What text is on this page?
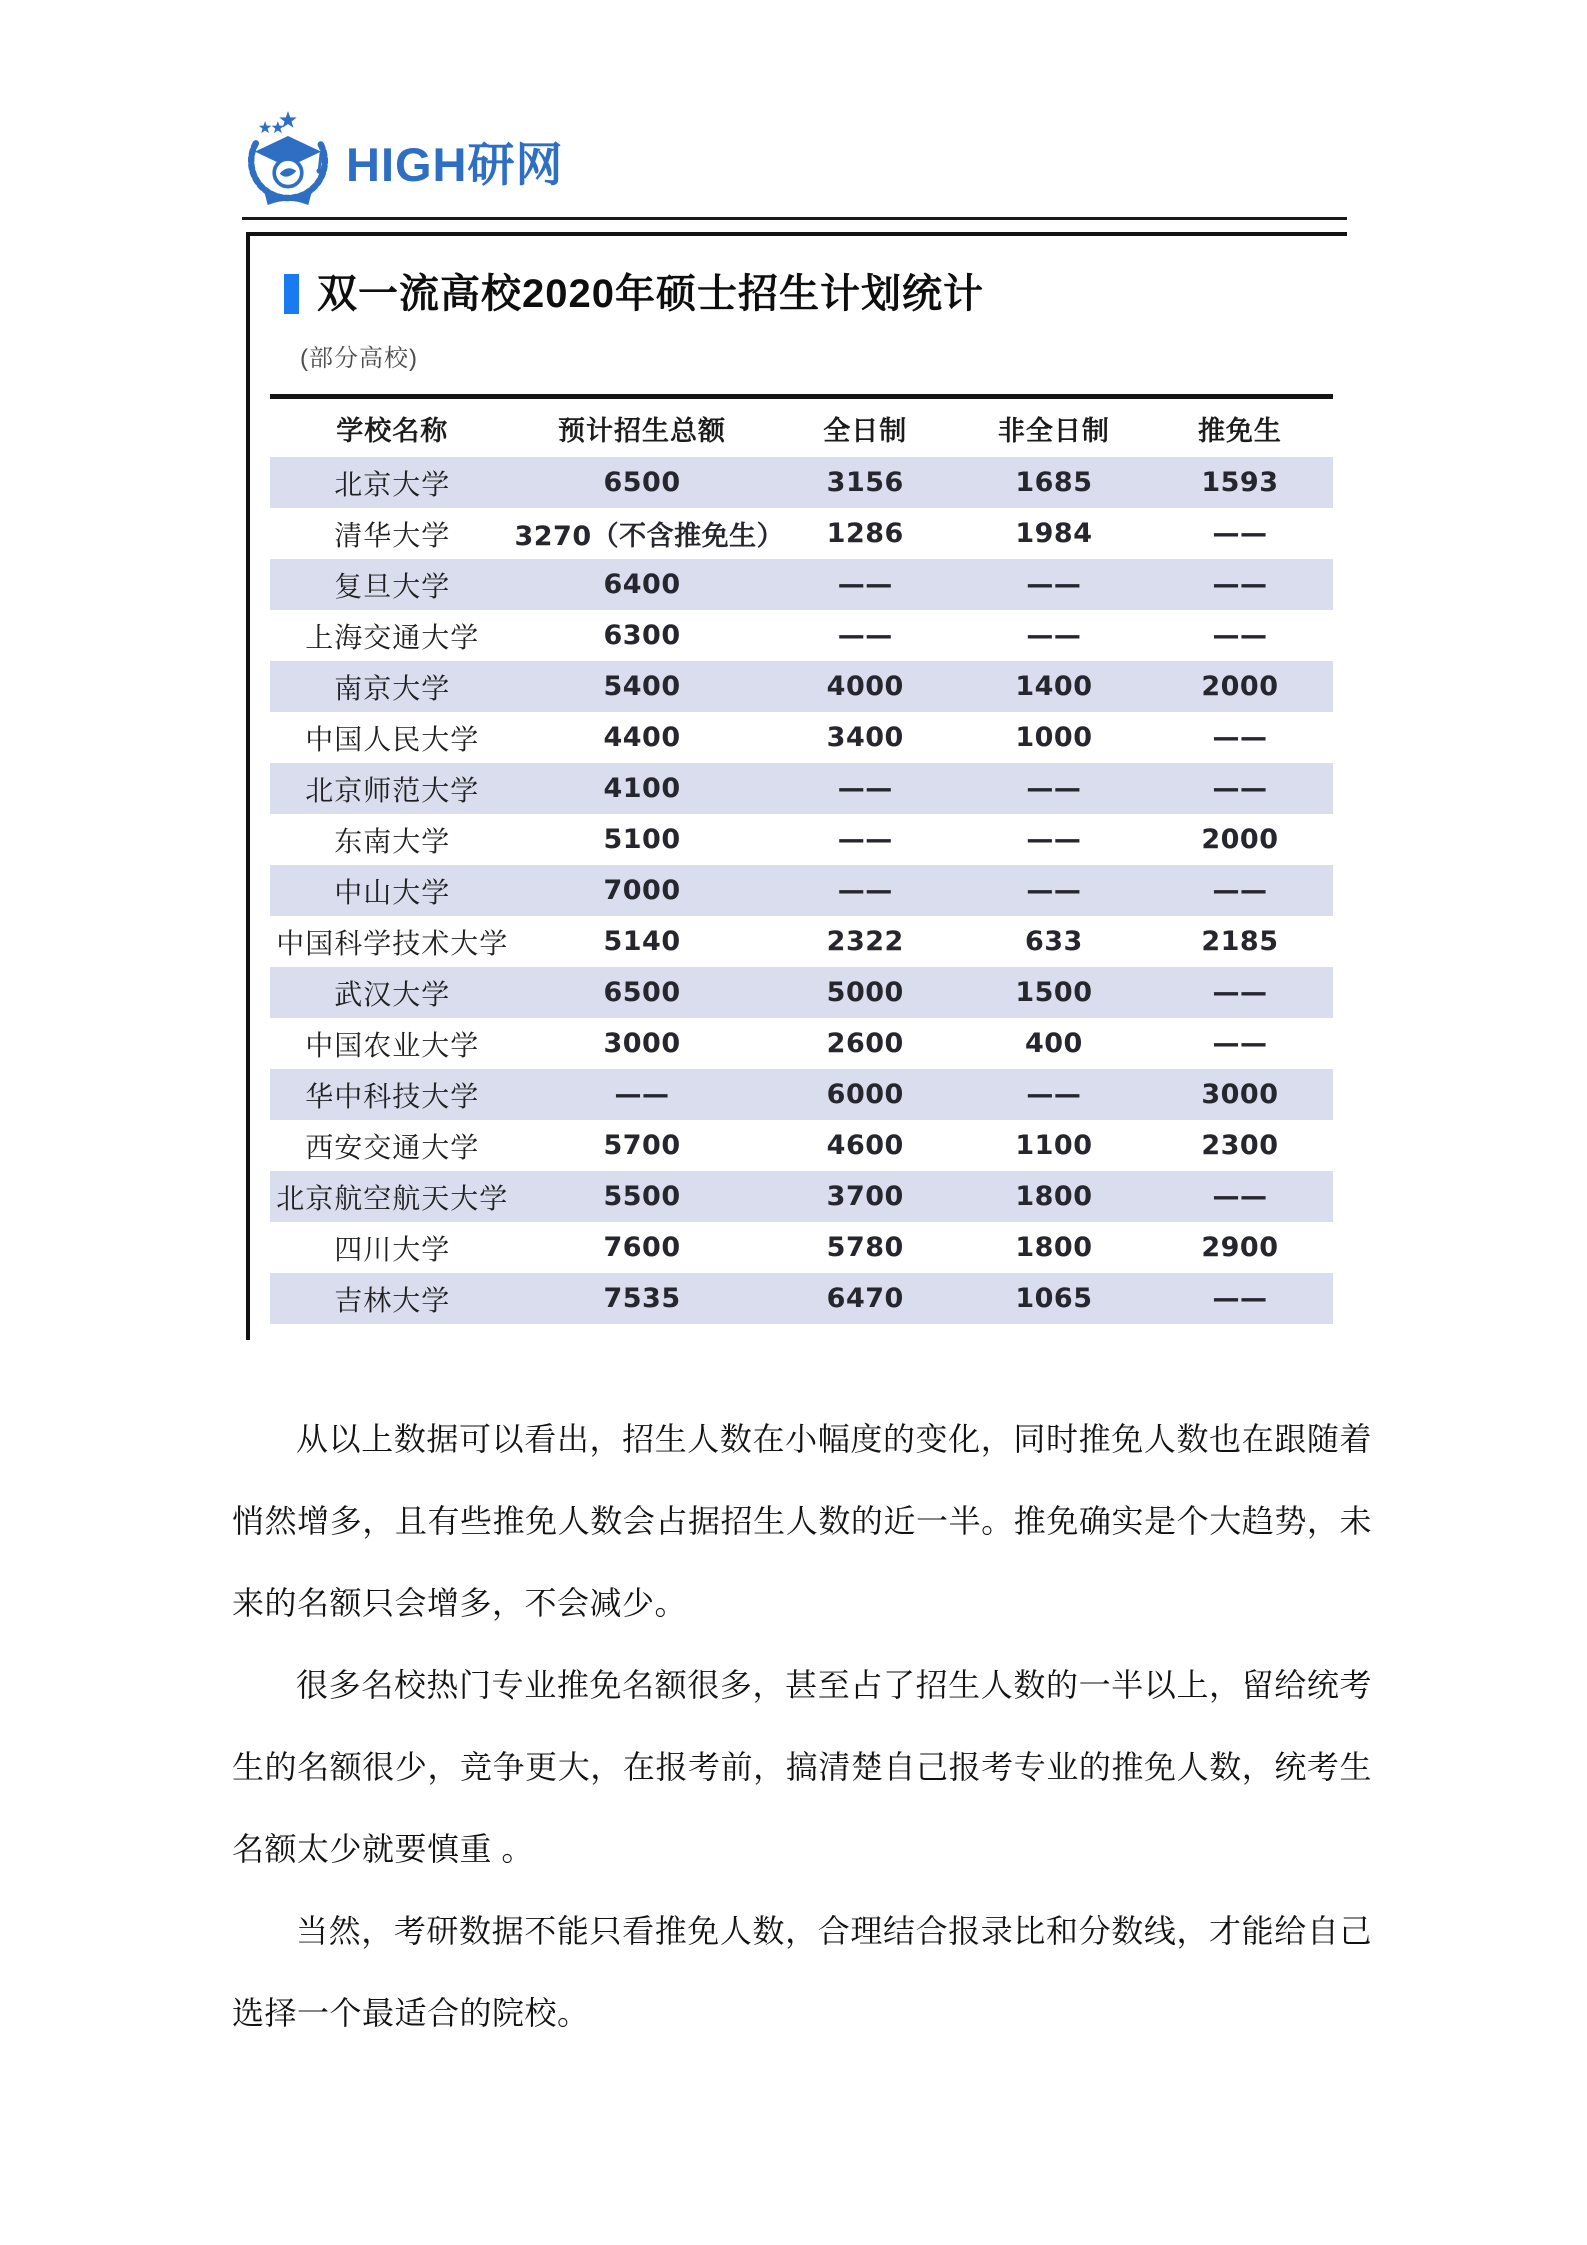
HIGH研网
双一流高校2020年硕士招生计划统计
(部分高校)
学校名称	预计招生总额	全日制	非全日制	推免生
北京大学	6500	3156	1685	1593
清华大学	3270（不含推免生）	1286	1984	——
复旦大学	6400	——	——	——
上海交通大学	6300	——	——	——
南京大学	5400	4000	1400	2000
中国人民大学	4400	3400	1000	——
北京师范大学	4100	——	——	——
东南大学	5100	——	——	2000
中山大学	7000	——	——	——
中国科学技术大学	5140	2322	633	2185
武汉大学	6500	5000	1500	——
中国农业大学	3000	2600	400	——
华中科技大学	——	6000	——	3000
西安交通大学	5700	4600	1100	2300
北京航空航天大学	5500	3700	1800	——
四川大学	7600	5780	1800	2900
吉林大学	7535	6470	1065	——

从以上数据可以看出，招生人数在小幅度的变化，同时推免人数也在跟随着悄然增多，且有些推免人数会占据招生人数的近一半。推免确实是个大趋势，未来的名额只会增多，不会减少。

很多名校热门专业推免名额很多，甚至占了招生人数的一半以上，留给统考生的名额很少，竞争更大，在报考前，搞清楚自己报考专业的推免人数，统考生名额太少就要慎重 。

当然，考研数据不能只看推免人数，合理结合报录比和分数线，才能给自己选择一个最适合的院校。
